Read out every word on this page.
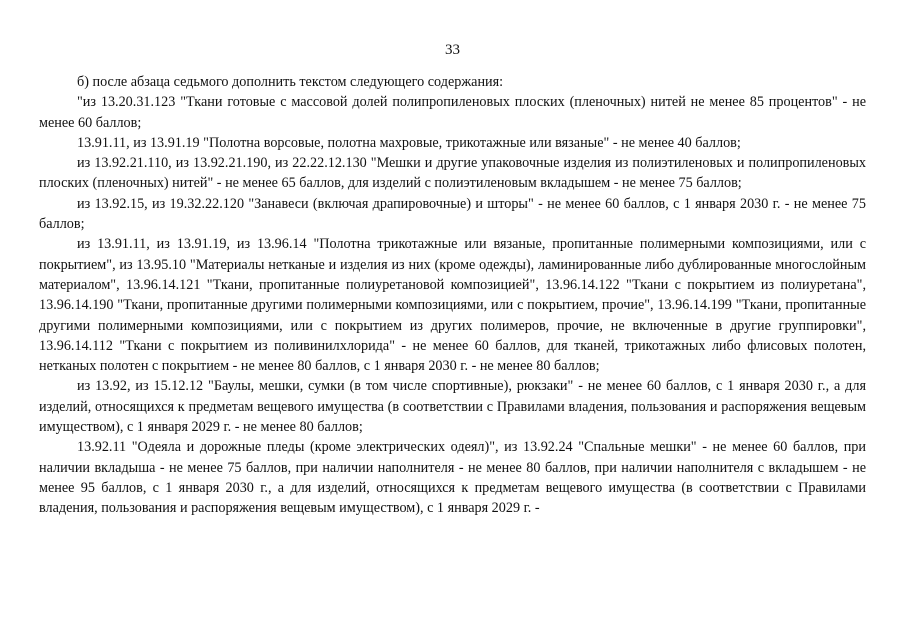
33

б) после абзаца седьмого дополнить текстом следующего содержания:

"из 13.20.31.123 "Ткани готовые с массовой долей полипропиленовых плоских (пленочных) нитей не менее 85 процентов" - не менее 60 баллов;

13.91.11, из 13.91.19 "Полотна ворсовые, полотна махровые, трикотажные или вязаные" - не менее 40 баллов;

из 13.92.21.110, из 13.92.21.190, из 22.22.12.130 "Мешки и другие упаковочные изделия из полиэтиленовых и полипропиленовых плоских (пленочных) нитей" - не менее 65 баллов, для изделий с полиэтиленовым вкладышем - не менее 75 баллов;

из 13.92.15, из 19.32.22.120 "Занавеси (включая драпировочные) и шторы" - не менее 60 баллов, с 1 января 2030 г. - не менее 75 баллов;

из 13.91.11, из 13.91.19, из 13.96.14 "Полотна трикотажные или вязаные, пропитанные полимерными композициями, или с покрытием", из 13.95.10 "Материалы нетканые и изделия из них (кроме одежды), ламинированные либо дублированные многослойным материалом", 13.96.14.121 "Ткани, пропитанные полиуретановой композицией", 13.96.14.122 "Ткани с покрытием из полиуретана", 13.96.14.190 "Ткани, пропитанные другими полимерными композициями, или с покрытием, прочие", 13.96.14.199 "Ткани, пропитанные другими полимерными композициями, или с покрытием из других полимеров, прочие, не включенные в другие группировки", 13.96.14.112 "Ткани с покрытием из поливинилхлорида" - не менее 60 баллов, для тканей, трикотажных либо флисовых полотен, нетканых полотен с покрытием - не менее 80 баллов, с 1 января 2030 г. - не менее 80 баллов;

из 13.92, из 15.12.12 "Баулы, мешки, сумки (в том числе спортивные), рюкзаки" - не менее 60 баллов, с 1 января 2030 г., а для изделий, относящихся к предметам вещевого имущества (в соответствии с Правилами владения, пользования и распоряжения вещевым имуществом), с 1 января 2029 г. - не менее 80 баллов;

13.92.11 "Одеяла и дорожные пледы (кроме электрических одеял)", из 13.92.24 "Спальные мешки" - не менее 60 баллов, при наличии вкладыша - не менее 75 баллов, при наличии наполнителя - не менее 80 баллов, при наличии наполнителя с вкладышем - не менее 95 баллов, с 1 января 2030 г., а для изделий, относящихся к предметам вещевого имущества (в соответствии с Правилами владения, пользования и распоряжения вещевым имуществом), с 1 января 2029 г. -
